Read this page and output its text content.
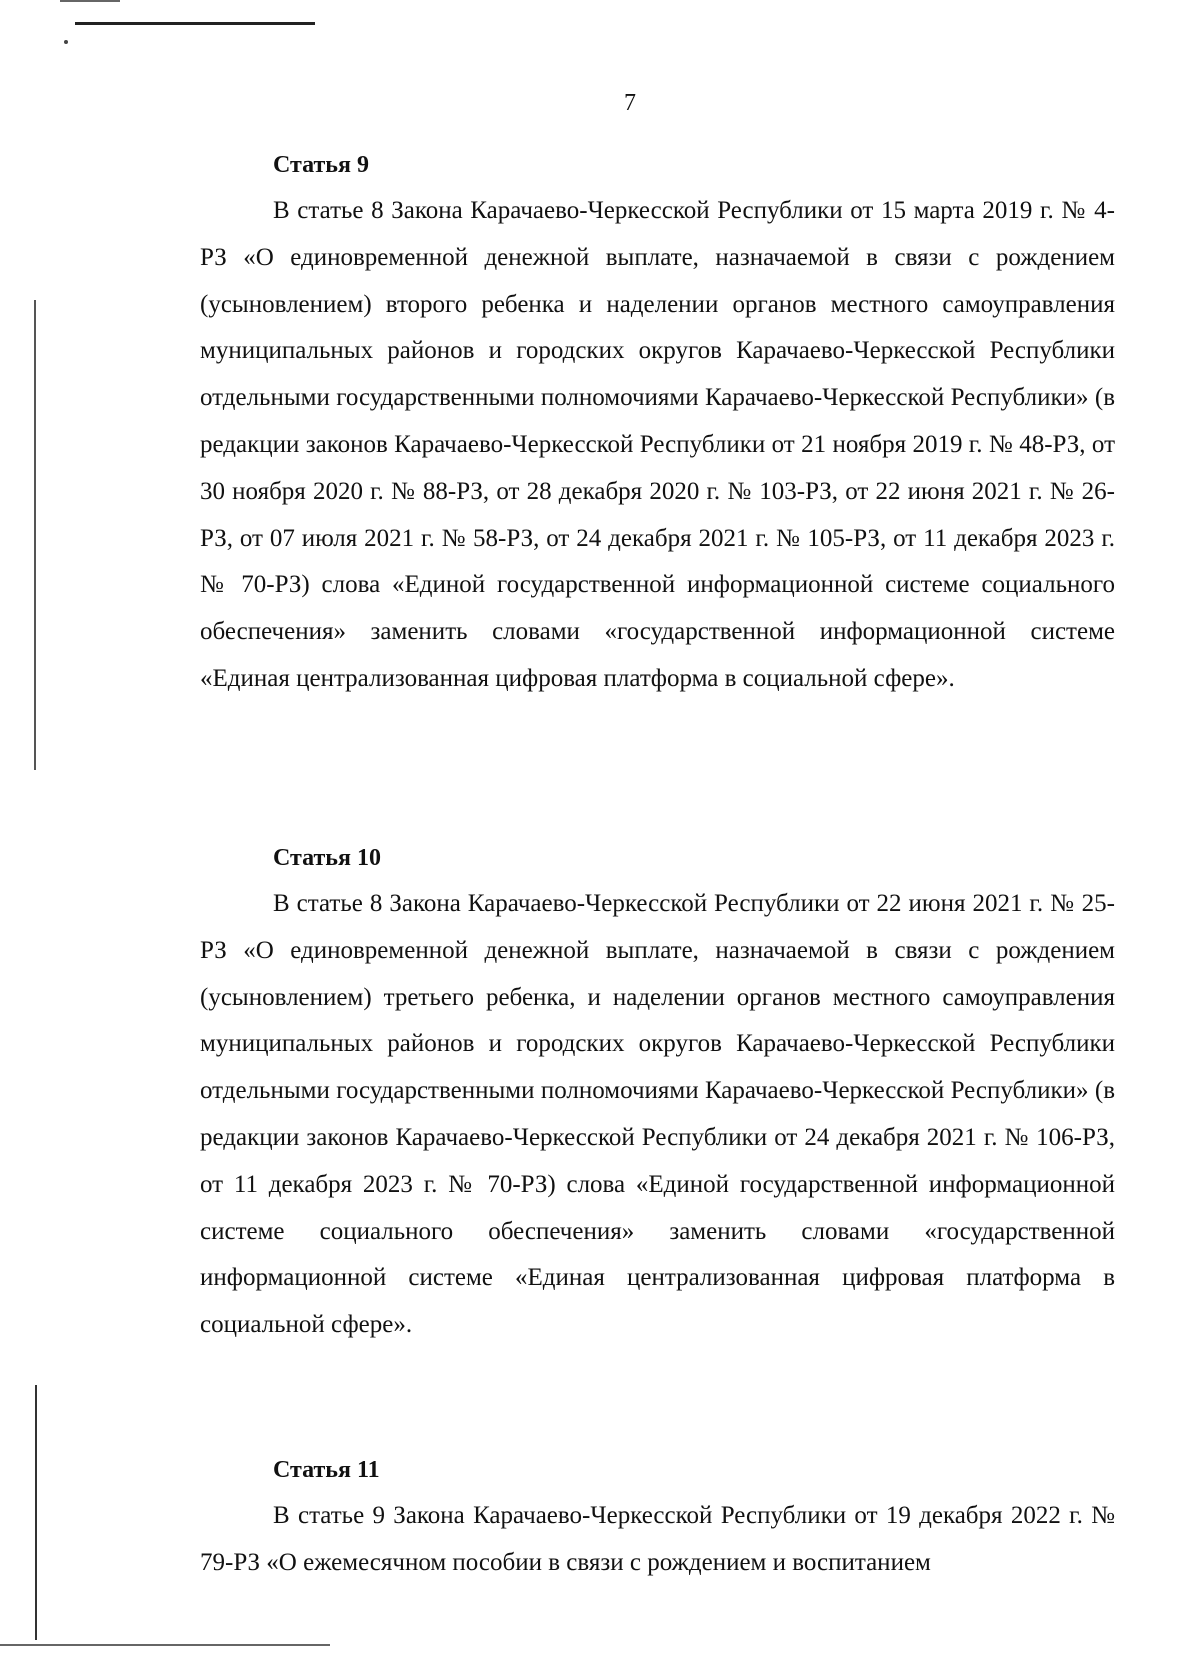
7
Статья 9

В статье 8 Закона Карачаево-Черкесской Республики от 15 марта 2019 г. № 4-РЗ «О единовременной денежной выплате, назначаемой в связи с рождением (усыновлением) второго ребенка и наделении органов местного самоуправления муниципальных районов и городских округов Карачаево-Черкесской Республики отдельными государственными полномочиями Карачаево-Черкесской Республики» (в редакции законов Карачаево-Черкесской Республики от 21 ноября 2019 г. № 48-РЗ, от 30 ноября 2020 г. № 88-РЗ, от 28 декабря 2020 г. № 103-РЗ, от 22 июня 2021 г. № 26-РЗ, от 07 июля 2021 г. № 58-РЗ, от 24 декабря 2021 г. № 105-РЗ, от 11 декабря 2023 г. № 70-РЗ) слова «Единой государственной информационной системе социального обеспечения» заменить словами «государственной информационной системе «Единая централизованная цифровая платформа в социальной сфере».

Статья 10

В статье 8 Закона Карачаево-Черкесской Республики от 22 июня 2021 г. № 25-РЗ «О единовременной денежной выплате, назначаемой в связи с рождением (усыновлением) третьего ребенка, и наделении органов местного самоуправления муниципальных районов и городских округов Карачаево-Черкесской Республики отдельными государственными полномочиями Карачаево-Черкесской Республики» (в редакции законов Карачаево-Черкесской Республики от 24 декабря 2021 г. № 106-РЗ, от 11 декабря 2023 г. № 70-РЗ) слова «Единой государственной информационной системе социального обеспечения» заменить словами «государственной информационной системе «Единая централизованная цифровая платформа в социальной сфере».

Статья 11

В статье 9 Закона Карачаево-Черкесской Республики от 19 декабря 2022 г. № 79-РЗ «О ежемесячном пособии в связи с рождением и воспитанием
